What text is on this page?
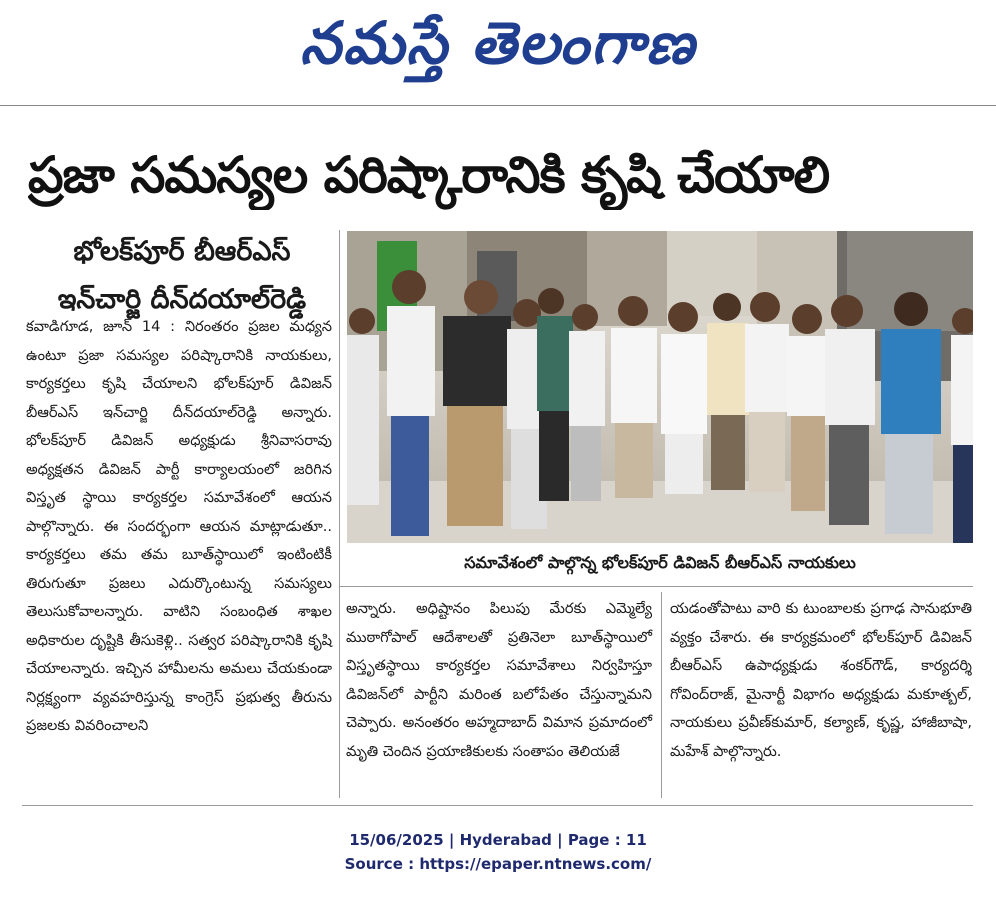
నమస్తే తెలంగాణ
ప్రజా సమస్యల పరిష్కారానికి కృషి చేయాలి
భోలక్‌పూర్ బీఆర్ఎస్
ఇన్‌చార్జి దీన్‌దయాల్‌రెడ్డి
సమావేశంలో పాల్గొన్న భోలక్‌పూర్ డివిజన్ బీఆర్ఎస్ నాయకులు

కవాడిగూడ, జూన్ 14 : నిరంతరం ప్రజల మధ్యన ఉంటూ ప్రజా సమస్యల పరిష్కారానికి నాయకులు, కార్యకర్తలు కృషి చేయాలని భోలక్‌పూర్ డివిజన్ బీఆర్ఎస్ ఇన్‌చార్జి దీన్‌దయాల్‌రెడ్డి అన్నారు. భోలక్‌పూర్ డివిజన్ అధ్యక్షుడు శ్రీనివాసరావు అధ్యక్షతన డివిజన్ పార్టీ కార్యాలయంలో జరిగిన విస్తృత స్థాయి కార్యకర్తల సమావేశంలో ఆయన పాల్గొన్నారు. ఈ సందర్భంగా ఆయన మాట్లాడుతూ.. కార్యకర్తలు తమ తమ బూత్‌స్థాయిలో ఇంటింటికీ తిరుగుతూ ప్రజలు ఎదుర్కొంటున్న సమస్యలు తెలుసుకోవాలన్నారు. వాటిని సంబంధిత శాఖల అధికారుల దృష్టికి తీసుకెళ్లి.. సత్వర పరిష్కారానికి కృషి చేయాలన్నారు. ఇచ్చిన హామీలను అమలు చేయకుండా నిర్లక్ష్యంగా వ్యవహరిస్తున్న కాంగ్రెస్ ప్రభుత్వ తీరును ప్రజలకు వివరించాలని

అన్నారు. అధిష్టానం పిలుపు మేరకు ఎమ్మెల్యే ముఠాగోపాల్ ఆదేశాలతో ప్రతినెలా బూత్‌స్థాయిలో విస్తృతస్థాయి కార్యకర్తల సమావేశాలు నిర్వహిస్తూ డివిజన్‌లో పార్టీని మరింత బలోపేతం చేస్తున్నామని చెప్పారు. అనంతరం అహ్మదాబాద్ విమాన ప్రమాదంలో మృతి చెందిన ప్రయాణికులకు సంతాపం తెలియజే

యడంతోపాటు వారి కు టుంబాలకు ప్రగాఢ సానుభూతి వ్యక్తం చేశారు. ఈ కార్యక్రమంలో భోలక్‌పూర్ డివిజన్ బీఆర్ఎస్ ఉపాధ్యక్షుడు శంకర్‌గౌడ్, కార్యదర్శి గోవింద్‌రాజ్, మైనార్టీ విభాగం అధ్యక్షుడు మకూత్బల్, నాయకులు ప్రవీణ్‌కుమార్, కల్యాణ్, కృష్ణ, హాజీబాషా, మహేశ్ పాల్గొన్నారు.

15/06/2025 | Hyderabad | Page : 11
Source : https://epaper.ntnews.com/
